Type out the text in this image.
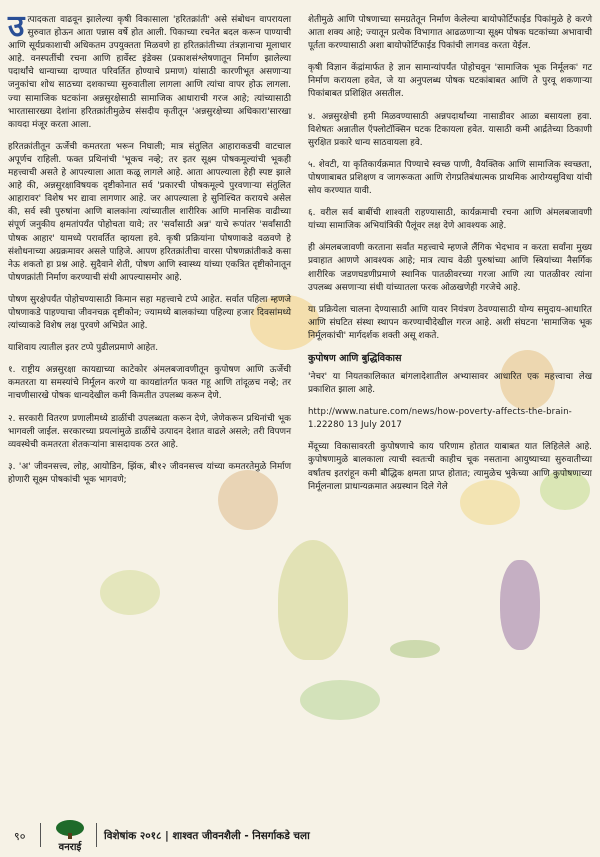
उत्पादकता वाढवून झालेल्या कृषी विकासाला 'हरितक्रांती' असे संबोधन वापरायला सुरुवात होऊन आता पन्नास वर्षे होत आली. पिकाच्या रचनेत बदल करून पाण्याची आणि सूर्यप्रकाशाची अधिकतम उपयुक्तता मिळवणे हा हरितक्रांतीच्या तंत्रज्ञानाचा मूलाधार आहे. वनस्पतींची रचना आणि हार्वेस्ट इंडेक्स (प्रकाशसंश्लेषणातून निर्माण झालेल्या पदार्थांचे धान्याच्या दाण्यात परिवर्तित होण्याचे प्रमाण) यांसाठी कारणीभूत असणाऱ्या जनुकांचा शोध साठच्या दशकाच्या सुरुवातीला लागला आणि त्यांचा वापर होऊ लागला. ज्या सामाजिक घटकांना अन्नसुरक्षेसाठी सामाजिक आधाराची गरज आहे; त्यांच्यासाठी भारतासारख्या देशांना हरितक्रांतीमुळेच संसदीय कृतीतून 'अन्नसुरक्षेच्या अधिकारा'सारखा कायदा मंजूर करता आला.

हरितक्रांतीतून ऊर्जेची कमतरता भरून निघाली; मात्र संतुलित आहाराकडची वाटचाल अपूर्णच राहिली. फक्त प्रथिनांची 'भूकच नव्हे; तर इतर सूक्ष्म पोषकमूल्यांची भूकही महत्त्वाची असते हे आपल्याला आता कळू लागले आहे. आता आपल्याला हेही स्पष्ट झाले आहे की, अन्नसुरक्षाविषयक दृष्टीकोनात सर्व 'प्रकारची पोषकमूल्ये पुरवणाऱ्या संतुलित आहारावर' विशेष भर द्यावा लागणार आहे. जर आपल्याला हे सुनिश्चित करायचे असेल की, सर्व स्त्री पुरुषांना आणि बालकांना त्यांच्यातील शारीरिक आणि मानसिक वाढीच्या संपूर्ण जनुकीय क्षमतांपर्यंत पोहोचता यावे; तर 'सर्वांसाठी अन्न' याचे रूपांतर 'सर्वांसाठी पोषक आहार' यामध्ये परावर्तित व्हायला हवे. कृषी प्रक्रियांना पोषणाकडे वळवणे हे संशोधनाच्या अग्रक्रमावर असले पाहिजे. आपण हरितक्रांतीचा वारसा पोषणक्रांतीकडे कसा नेऊ शकतो हा प्रश्न आहे. सुदैवाने शेती, पोषण आणि स्वास्थ्य यांच्या एकत्रित दृष्टीकोनातून पोषणक्रांती निर्माण करण्याची संधी आपल्यासमोर आहे.

पोषण सुरक्षेपर्यंत पोहोचण्यासाठी किमान सहा महत्त्वाचे टप्पे आहेत. सर्वात पहिला म्हणजे पोषणाकडे पाहण्याचा जीवनचक्र दृष्टीकोन; ज्यामध्ये बालकांच्या पहिल्या हजार दिवसांमध्ये त्यांच्याकडे विशेष लक्ष पुरवणे अभिप्रेत आहे.

याशिवाय त्यातील इतर टप्पे पुढीलप्रमाणे आहेत.

१. राष्ट्रीय अन्नसुरक्षा कायद्याच्या काटेकोर अंमलबजावणीतून कुपोषण आणि ऊर्जेची कमतरता या समस्यांचे निर्मूलन करणे या कायद्यांतर्गत फक्त गहू आणि तांदूळच नव्हे; तर नाचणीसारखे पोषक धान्यदेखील कमी किमतीत उपलब्ध करून देणे.

२. सरकारी वितरण प्रणालीमध्ये डाळींची उपलब्धता करून देणे, जेणेकरून प्रथिनांची भूक भागवली जाईल. सरकारच्या प्रयत्नांमुळे डाळींचे उत्पादन देशात वाढले असले; तरी विपणन व्यवस्थेची कमतरता शेतकऱ्यांना त्रासदायक ठरत आहे.

३. 'अ' जीवनसत्त्व, लोह, आयोडिन, झिंक, बी१२ जीवनसत्त्व यांच्या कमतरतेमुळे निर्माण होणारी सूक्ष्म पोषकांची भूक भागवणे;

शेतीमुळे आणि पोषणाच्या समग्रतेतून निर्माण केलेल्या बायोफोर्टिफाईड पिकांमुळे हे करणे आता शक्य आहे; ज्यातून प्रत्येक विभागात आढळणाऱ्या सूक्ष्म पोषक घटकांच्या अभावाची पूर्तता करण्यासाठी अशा बायोफोर्टिफाईड पिकांची लागवड करता येईल.

कृषी विज्ञान केंद्रांमार्फत हे ज्ञान सामान्यांपर्यंत पोहोचवून 'सामाजिक भूक निर्मूलक' गट निर्माण करायला हवेत, जे या अनुपलब्ध पोषक घटकांबाबत आणि ते पुरवू शकणाऱ्या पिकांबाबत प्रशिक्षित असतील.

४. अन्नसुरक्षेची हमी मिळवण्यासाठी अन्नपदार्थांच्या नासाडीवर आळा बसायला हवा. विशेषतः अन्नातील ऍफ्लोटॉक्सिन घटक टिकायला हवेत. यासाठी कमी आर्द्रतेच्या ठिकाणी सुरक्षित प्रकारे धान्य साठवायला हवे.

५. शेवटी, या कृतिकार्यक्रमात पिण्याचे स्वच्छ पाणी, वैयक्तिक आणि सामाजिक स्वच्छता, पोषणाबाबत प्रशिक्षण व जागरूकता आणि रोगप्रतिबंधात्मक प्राथमिक आरोग्यसुविधा यांची सोय करण्यात यावी.

६. वरील सर्व बाबींची शाश्वती राहण्यासाठी, कार्यक्रमाची रचना आणि अंमलबजावणी यांच्या सामाजिक अभियांत्रिकी पैलूंवर लक्ष देणे आवश्यक आहे.

ही अंमलबजावणी करताना सर्वांत महत्त्वाचे म्हणजे लैंगिक भेदभाव न करता सर्वांना मुख्य प्रवाहात आणणे आवश्यक आहे; मात्र त्याच वेळी पुरुषांच्या आणि स्त्रियांच्या नैसर्गिक शारीरिक जडणघडणीप्रमाणे स्थानिक पातळीवरच्या गरजा आणि त्या पातळीवर त्यांना उपलब्ध असणाऱ्या संधी यांच्यातला फरक ओळखणेही गरजेचे आहे.

या प्रक्रियेला चालना देण्यासाठी आणि यावर नियंत्रण ठेवण्यासाठी योग्य समुदाय-आधारित आणि संघटित संस्था स्थापन करण्याचीदेखील गरज आहे. अशी संघटना 'सामाजिक भूक निर्मूलकांची' मार्गदर्शक शक्ती असू शकते.

कुपोषण आणि बुद्धिविकास

'नेचर' या नियतकालिकात बांगलादेशातील अभ्यासावर आधारित एक महत्त्वाचा लेख प्रकाशित झाला आहे.

http://www.nature.com/news/how-poverty-affects-the-brain-1.22280 13 July 2017

मेंदूच्या विकासावरती कुपोषणाचे काय परिणाम होतात याबाबत यात लिहिलेले आहे. कुपोषणामुळे बालकाला त्याची स्वतःची काहीच चूक नसताना आयुष्याच्या सुरुवातीच्या वर्षांतच इतरांहून कमी बौद्धिक क्षमता प्राप्त होतात; त्यामुळेच भुकेच्या आणि कुपोषणाच्या निर्मूलनाला प्राधान्यक्रमात अग्रस्थान दिले गेले

९०
वनराई
विशेषांक २०१८ | शाश्वत जीवनशैली - निसर्गाकडे चला
